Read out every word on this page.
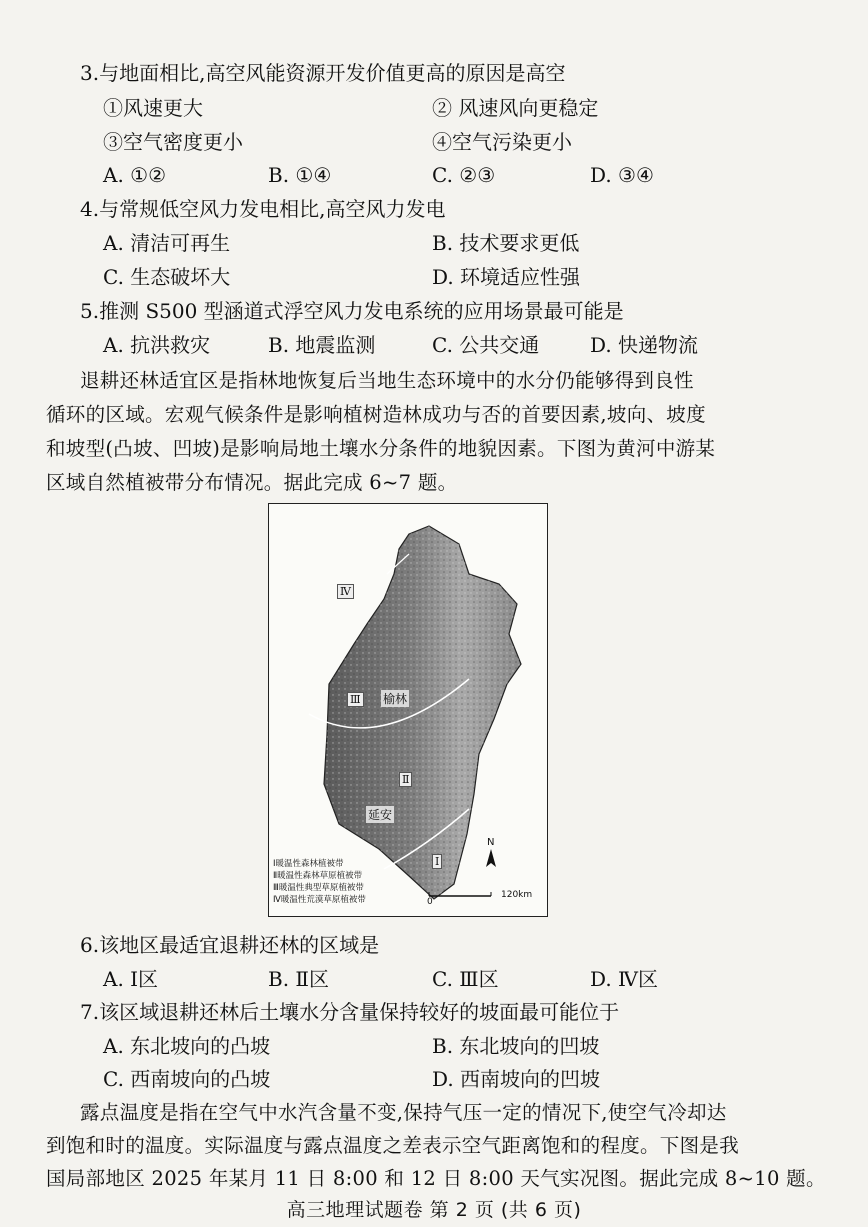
3.与地面相比,高空风能资源开发价值更高的原因是高空
①风速更大	② 风速风向更稳定
③空气密度更小	④空气污染更小
A. ①②	B. ①④	C. ②③	D. ③④
4.与常规低空风力发电相比,高空风力发电
A. 清洁可再生	B. 技术要求更低
C. 生态破坏大	D. 环境适应性强
5.推测 S500 型涵道式浮空风力发电系统的应用场景最可能是
A. 抗洪救灾	B. 地震监测	C. 公共交通	D. 快递物流
退耕还林适宜区是指林地恢复后当地生态环境中的水分仍能够得到良性
循环的区域。宏观气候条件是影响植树造林成功与否的首要因素,坡向、坡度
和坡型(凸坡、凹坡)是影响局地土壤水分条件的地貌因素。下图为黄河中游某
区域自然植被带分布情况。据此完成 6~7 题。
Ⅲ
Ⅱ
Ⅰ
Ⅳ
榆林
延安
Ⅰ暖温性森林植被带
Ⅱ暖温性森林草原植被带
Ⅲ暖温性典型草原植被带
Ⅳ暖温性荒漠草原植被带
N
0
120km
6.该地区最适宜退耕还林的区域是
A. Ⅰ区	B. Ⅱ区	C. Ⅲ区	D. Ⅳ区
7.该区域退耕还林后土壤水分含量保持较好的坡面最可能位于
A. 东北坡向的凸坡	B. 东北坡向的凹坡
C. 西南坡向的凸坡	D. 西南坡向的凹坡
露点温度是指在空气中水汽含量不变,保持气压一定的情况下,使空气冷却达
到饱和时的温度。实际温度与露点温度之差表示空气距离饱和的程度。下图是我
国局部地区 2025 年某月 11 日 8:00 和 12 日 8:00 天气实况图。据此完成 8~10 题。
高三地理试题卷 第 2 页 (共 6 页)
